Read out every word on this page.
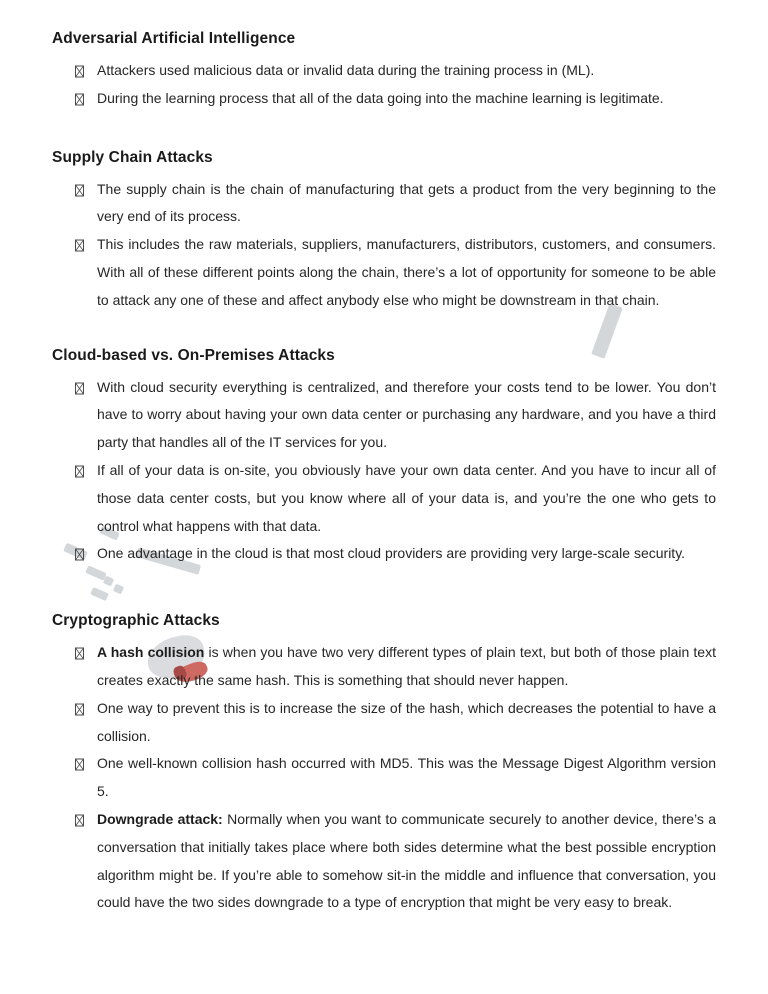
Adversarial Artificial Intelligence

Attackers used malicious data or invalid data during the training process in (ML).

During the learning process that all of the data going into the machine learning is legitimate.

Supply Chain Attacks

The supply chain is the chain of manufacturing that gets a product from the very beginning to the very end of its process.

This includes the raw materials, suppliers, manufacturers, distributors, customers, and consumers. With all of these different points along the chain, there’s a lot of opportunity for someone to be able to attack any one of these and affect anybody else who might be downstream in that chain.

Cloud-based vs. On-Premises Attacks

With cloud security everything is centralized, and therefore your costs tend to be lower. You don’t have to worry about having your own data center or purchasing any hardware, and you have a third party that handles all of the IT services for you.

If all of your data is on-site, you obviously have your own data center. And you have to incur all of those data center costs, but you know where all of your data is, and you’re the one who gets to control what happens with that data.

One advantage in the cloud is that most cloud providers are providing very large-scale security.

Cryptographic Attacks

A hash collision is when you have two very different types of plain text, but both of those plain text creates exactly the same hash. This is something that should never happen.

One way to prevent this is to increase the size of the hash, which decreases the potential to have a collision.

One well-known collision hash occurred with MD5. This was the Message Digest Algorithm version 5.

Downgrade attack: Normally when you want to communicate securely to another device, there’s a conversation that initially takes place where both sides determine what the best possible encryption algorithm might be. If you’re able to somehow sit-in the middle and influence that conversation, you could have the two sides downgrade to a type of encryption that might be very easy to break.
